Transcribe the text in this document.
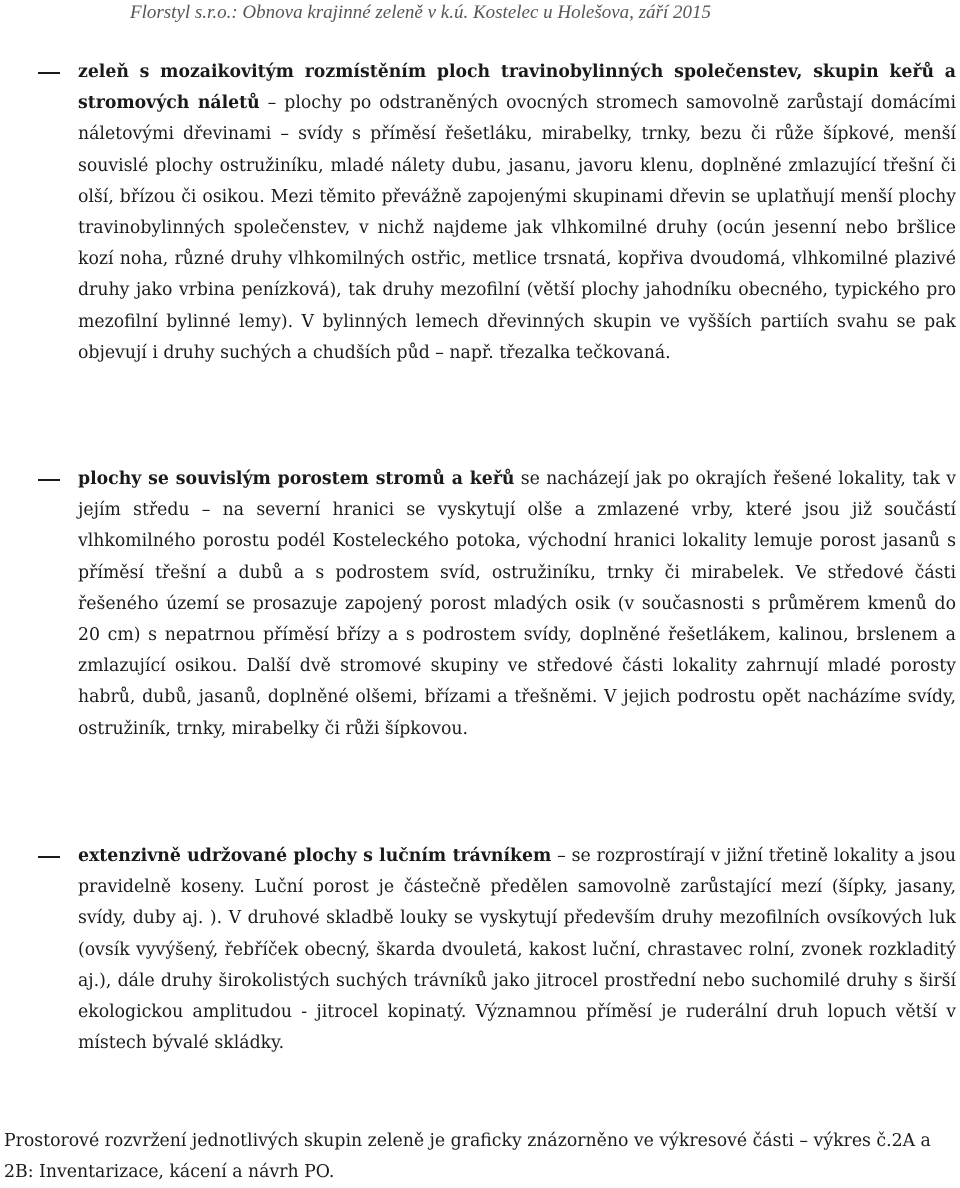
Florstyl s.r.o.: Obnova krajinné zeleně v k.ú. Kostelec u Holešova, září 2015
zeleň s mozaikovitým rozmístěním ploch travinobylinných společenstev, skupin keřů a stromových náletů – plochy po odstraněných ovocných stromech samovolně zarůstají domácími náletovými dřevinami – svídy s příměsí řešetláku, mirabelky, trnky, bezu či růže šípkové, menší souvislé plochy ostružiníku, mladé nálety dubu, jasanu, javoru klenu, doplněné zmlazující třešní či olší, břízou či osikou. Mezi těmito převážně zapojenými skupinami dřevin se uplatňují menší plochy travinobylinných společenstev, v nichž najdeme jak vlhkomilné druhy (ocún jesenní nebo bršlice kozí noha, různé druhy vlhkomilných ostřic, metlice trsnatá, kopřiva dvoudomá, vlhkomilné plazivé druhy jako vrbina penízková), tak druhy mezofilní (větší plochy jahodníku obecného, typického pro mezofilní bylinné lemy). V bylinných lemech dřevinných skupin ve vyšších partiích svahu se pak objevují i druhy suchých a chudších půd – např. třezalka tečkovaná.
plochy se souvislým porostem stromů a keřů se nacházejí jak po okrajích řešené lokality, tak v jejím středu – na severní hranici se vyskytují olše a zmlazené vrby, které jsou již součástí vlhkomilného porostu podél Kosteleckého potoka, východní hranici lokality lemuje porost jasanů s příměsí třešní a dubů a s podrostem svíd, ostružiníku, trnky či mirabelek. Ve středové části řešeného území se prosazuje zapojený porost mladých osik (v současnosti s průměrem kmenů do 20 cm) s nepatrnou příměsí břízy a s podrostem svídy, doplněné řešetlákem, kalinou, brslenem a zmlazující osikou. Další dvě stromové skupiny ve středové části lokality zahrnují mladé porosty habrů, dubů, jasanů, doplněné olšemi, břízami a třešněmi. V jejich podrostu opět nacházíme svídy, ostružiník, trnky, mirabelky či růži šípkovou.
extenzivně udržované plochy s lučním trávníkem – se rozprostírají v jižní třetině lokality a jsou pravidelně koseny. Luční porost je částečně předělen samovolně zarůstající mezí (šípky, jasany, svídy, duby aj. ). V druhové skladbě louky se vyskytují především druhy mezofilních ovsíkových luk (ovsík vyvýšený, řebříček obecný, škarda dvouletá, kakost luční, chrastavec rolní, zvonek rozkladitý aj.), dále druhy širokolistých suchých trávníků jako jitrocel prostřední nebo suchomilé druhy s širší ekologickou amplitudou - jitrocel kopinatý. Významnou příměsí je ruderální druh lopuch větší v místech bývalé skládky.
Prostorové rozvržení jednotlivých skupin zeleně je graficky znázorněno ve výkresové části – výkres č.2A a 2B: Inventarizace, kácení a návrh PO.
